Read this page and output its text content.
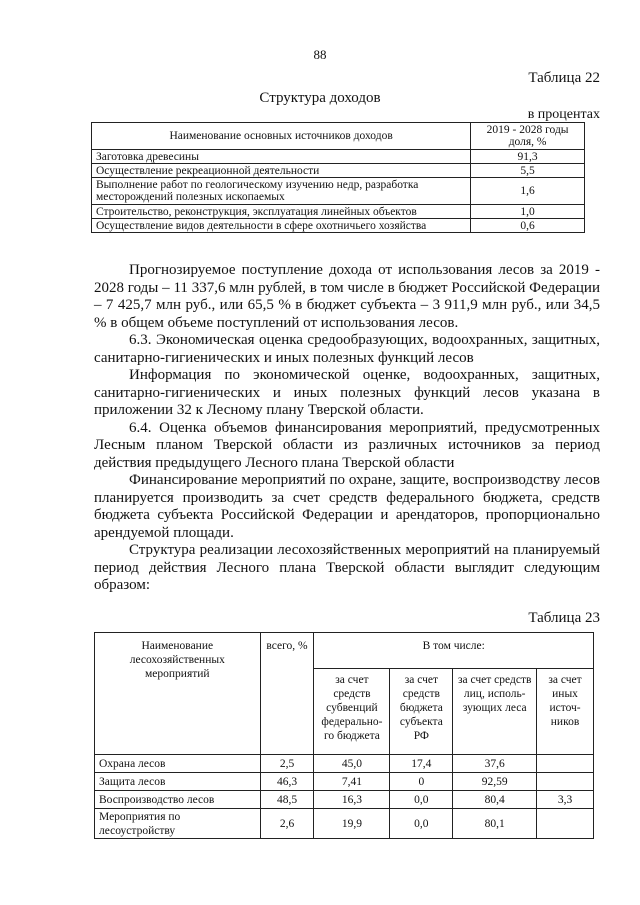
88
Таблица 22
Структура доходов
в процентах
Наименование основных источников доходов	2019 - 2028 годы доля, %
Заготовка древесины	91,3
Осуществление рекреационной деятельности	5,5
Выполнение работ по геологическому изучению недр, разработка месторождений полезных ископаемых	1,6
Строительство, реконструкция, эксплуатация линейных объектов	1,0
Осуществление видов деятельности в сфере охотничьего хозяйства	0,6

Прогнозируемое поступление дохода от использования лесов за 2019 - 2028 годы – 11 337,6 млн рублей, в том числе в бюджет Российской Федерации – 7 425,7 млн руб., или 65,5 % в бюджет субъекта – 3 911,9 млн руб., или 34,5 % в общем объеме поступлений от использования лесов.

6.3. Экономическая оценка средообразующих, водоохранных, защитных, санитарно-гигиенических и иных полезных функций лесов

Информация по экономической оценке, водоохранных, защитных, санитарно-гигиенических и иных полезных функций лесов указана в приложении 32 к Лесному плану Тверской области.

6.4. Оценка объемов финансирования мероприятий, предусмотренных Лесным планом Тверской области из различных источников за период действия предыдущего Лесного плана Тверской области

Финансирование мероприятий по охране, защите, воспроизводству лесов планируется производить за счет средств федерального бюджета, средств бюджета субъекта Российской Федерации и арендаторов, пропорционально арендуемой площади.

Структура реализации лесохозяйственных мероприятий на планируемый период действия Лесного плана Тверской области выглядит следующим образом:

Таблица 23
Наименование лесохозяйственных мероприятий	всего, %	В том числе:			
		за счет средств субвенций федерально-го бюджета	за счет средств бюджета субъекта РФ	за счет средств лиц, исполь-зующих леса	за счет иных источ-ников
Охрана лесов	2,5	45,0	17,4	37,6	
Защита лесов	46,3	7,41	0	92,59	
Воспроизводство лесов	48,5	16,3	0,0	80,4	3,3
Мероприятия по лесоустройству	2,6	19,9	0,0	80,1	
